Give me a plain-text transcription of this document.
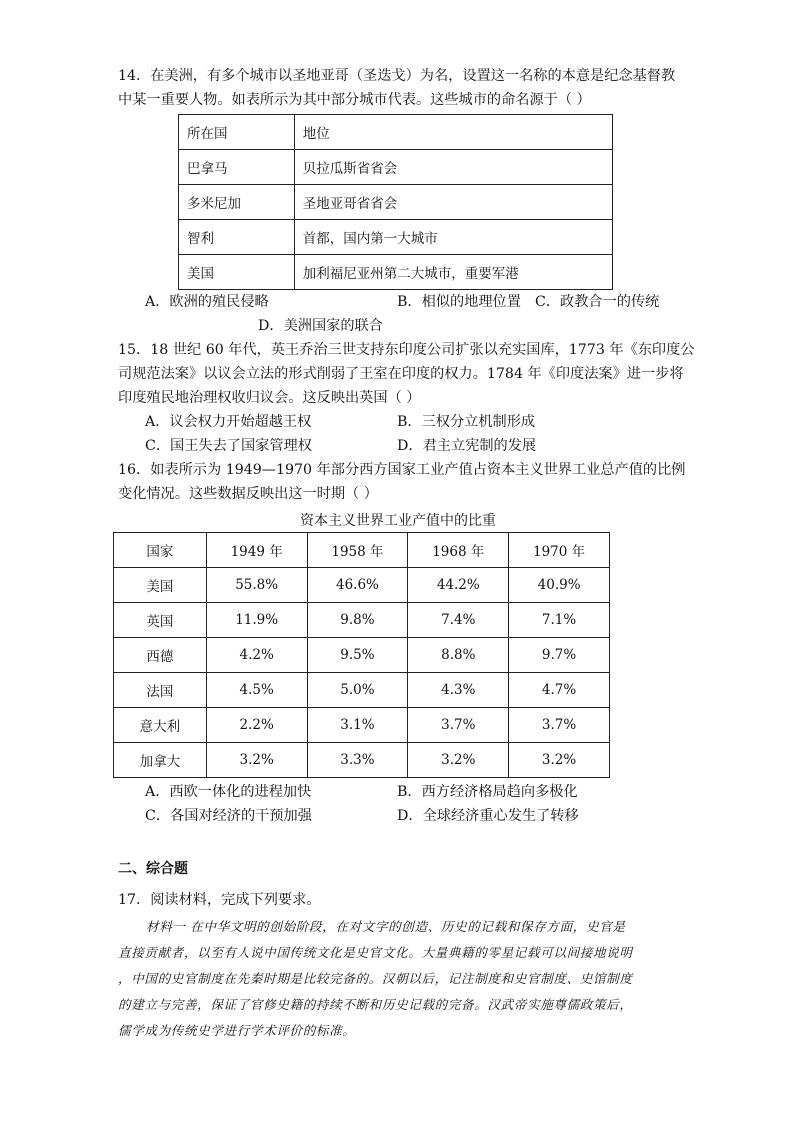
14．在美洲，有多个城市以圣地亚哥（圣迭戈）为名，设置这一名称的本意是纪念基督教
中某一重要人物。如表所示为其中部分城市代表。这些城市的命名源于（ ）
所在国	地位
巴拿马	贝拉瓜斯省省会
多米尼加	圣地亚哥省省会
智利	首都，国内第一大城市
美国	加利福尼亚州第二大城市，重要军港
A．欧洲的殖民侵略	B．相似的地理位置 C．政教合一的传统
D．美洲国家的联合
15．18 世纪 60 年代，英王乔治三世支持东印度公司扩张以充实国库，1773 年《东印度公
司规范法案》以议会立法的形式削弱了王室在印度的权力。1784 年《印度法案》进一步将
印度殖民地治理权收归议会。这反映出英国（ ）
A．议会权力开始超越王权	B．三权分立机制形成
C．国王失去了国家管理权	D．君主立宪制的发展
16．如表所示为 1949—1970 年部分西方国家工业产值占资本主义世界工业总产值的比例
变化情况。这些数据反映出这一时期（ ）
资本主义世界工业产值中的比重
国家	1949 年	1958 年	1968 年	1970 年
美国	55.8%	46.6%	44.2%	40.9%
英国	11.9%	9.8%	7.4%	7.1%
西德	4.2%	9.5%	8.8%	9.7%
法国	4.5%	5.0%	4.3%	4.7%
意大利	2.2%	3.1%	3.7%	3.7%
加拿大	3.2%	3.3%	3.2%	3.2%
A．西欧一体化的进程加快	B．西方经济格局趋向多极化
C．各国对经济的干预加强	D．全球经济重心发生了转移
二、综合题
17．阅读材料，完成下列要求。
材料一 在中华文明的创始阶段，在对文字的创造、历史的记载和保存方面，史官是
直接贡献者，以至有人说中国传统文化是史官文化。大量典籍的零星记载可以间接地说明
，中国的史官制度在先秦时期是比较完备的。汉朝以后，记注制度和史官制度、史馆制度
的建立与完善，保证了官修史籍的持续不断和历史记载的完备。汉武帝实施尊儒政策后，
儒学成为传统史学进行学术评价的标准。
